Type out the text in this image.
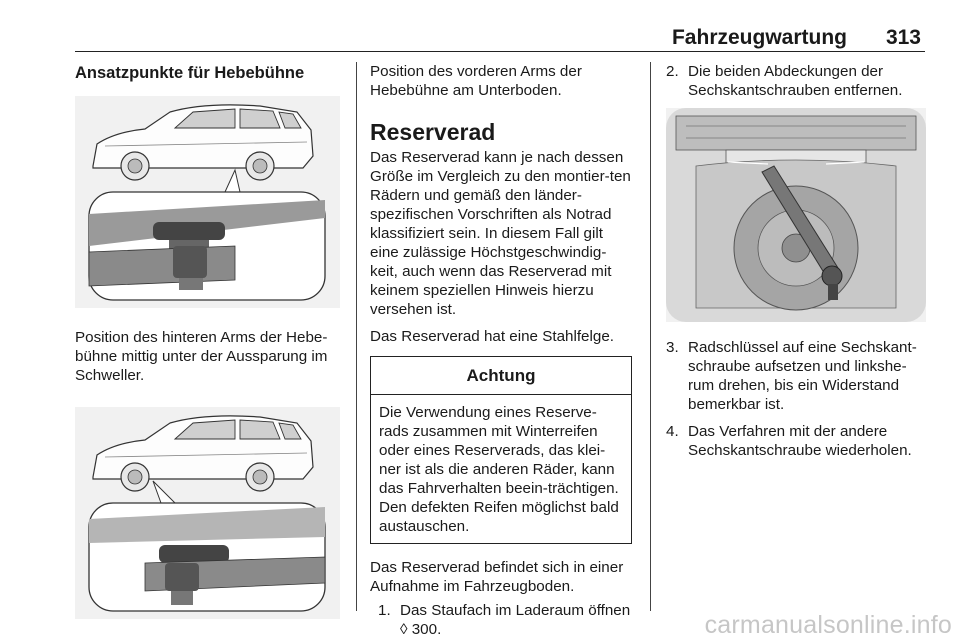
Fahrzeugwartung 313
Ansatzpunkte für Hebebühne

Position des hinteren Arms der Hebe-bühne mittig unter der Aussparung im Schweller.

Position des vorderen Arms der Hebebühne am Unterboden.

Reserverad

Das Reserverad kann je nach dessen Größe im Vergleich zu den montier-ten Rädern und gemäß den länder-spezifischen Vorschriften als Notrad klassifiziert sein. In diesem Fall gilt eine zulässige Höchstgeschwindig-keit, auch wenn das Reserverad mit keinem speziellen Hinweis hierzu versehen ist.

Das Reserverad hat eine Stahlfelge.

Achtung
Die Verwendung eines Reserve-rads zusammen mit Winterreifen oder eines Reserverads, das klei-ner ist als die anderen Räder, kann das Fahrverhalten beein-trächtigen. Den defekten Reifen möglichst bald austauschen.

Das Reserverad befindet sich in einer Aufnahme im Fahrzeugboden.

1. Das Staufach im Laderaum öffnen ◊ 300.
2. Die beiden Abdeckungen der Sechskantschrauben entfernen.
3. Radschlüssel auf eine Sechskant-schraube aufsetzen und linkshe-rum drehen, bis ein Widerstand bemerkbar ist.
4. Das Verfahren mit der andere Sechskantschraube wiederholen.
carmanualsonline.info
